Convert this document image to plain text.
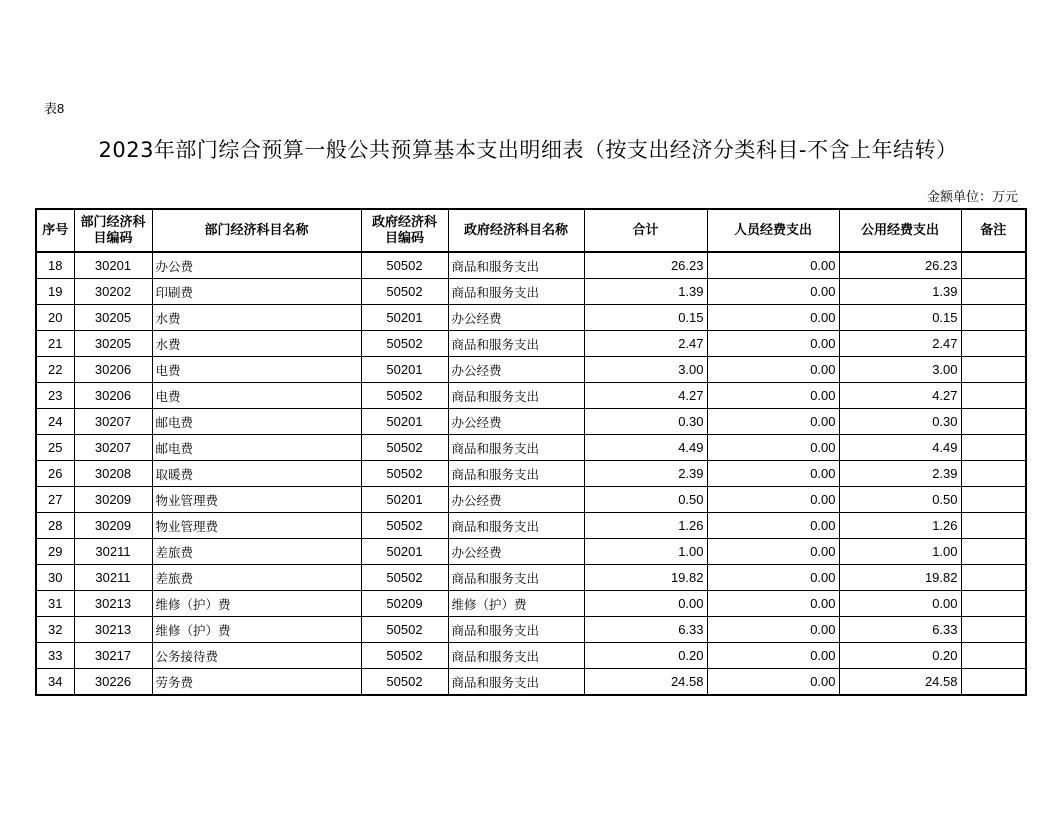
表8
2023年部门综合预算一般公共预算基本支出明细表（按支出经济分类科目-不含上年结转）
金额单位：万元
序号	部门经济科目编码	部门经济科目名称	政府经济科目编码	政府经济科目名称	合计	人员经费支出	公用经费支出	备注
18	30201	办公费	50502	商品和服务支出	26.23	0.00	26.23	
19	30202	印刷费	50502	商品和服务支出	1.39	0.00	1.39	
20	30205	水费	50201	办公经费	0.15	0.00	0.15	
21	30205	水费	50502	商品和服务支出	2.47	0.00	2.47	
22	30206	电费	50201	办公经费	3.00	0.00	3.00	
23	30206	电费	50502	商品和服务支出	4.27	0.00	4.27	
24	30207	邮电费	50201	办公经费	0.30	0.00	0.30	
25	30207	邮电费	50502	商品和服务支出	4.49	0.00	4.49	
26	30208	取暖费	50502	商品和服务支出	2.39	0.00	2.39	
27	30209	物业管理费	50201	办公经费	0.50	0.00	0.50	
28	30209	物业管理费	50502	商品和服务支出	1.26	0.00	1.26	
29	30211	差旅费	50201	办公经费	1.00	0.00	1.00	
30	30211	差旅费	50502	商品和服务支出	19.82	0.00	19.82	
31	30213	维修（护）费	50209	维修（护）费	0.00	0.00	0.00	
32	30213	维修（护）费	50502	商品和服务支出	6.33	0.00	6.33	
33	30217	公务接待费	50502	商品和服务支出	0.20	0.00	0.20	
34	30226	劳务费	50502	商品和服务支出	24.58	0.00	24.58	
